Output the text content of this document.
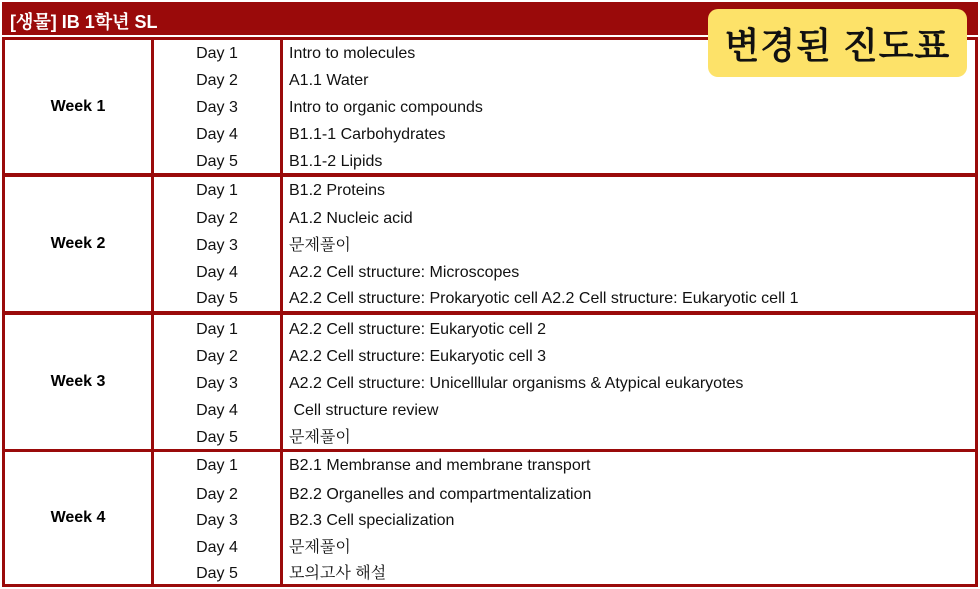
[생물] IB 1학년 SL
변경된 진도표
Week 1
Day 1
Day 2
Day 3
Day 4
Day 5
Intro to molecules
A1.1 Water
Intro to organic compounds
B1.1-1 Carbohydrates
B1.1-2 Lipids
Week 2
Day 1
Day 2
Day 3
Day 4
Day 5
B1.2 Proteins
A1.2 Nucleic acid
문제풀이
A2.2 Cell structure: Microscopes
A2.2 Cell structure: Prokaryotic cell A2.2 Cell structure: Eukaryotic cell 1
Week 3
Day 1
Day 2
Day 3
Day 4
Day 5
A2.2 Cell structure: Eukaryotic cell 2
A2.2 Cell structure: Eukaryotic cell 3
A2.2 Cell structure: Unicelllular organisms & Atypical eukaryotes
Cell structure review
문제풀이
Week 4
Day 1
Day 2
Day 3
Day 4
Day 5
B2.1 Membranse and membrane transport
B2.2 Organelles and compartmentalization
B2.3 Cell specialization
문제풀이
모의고사 해설
